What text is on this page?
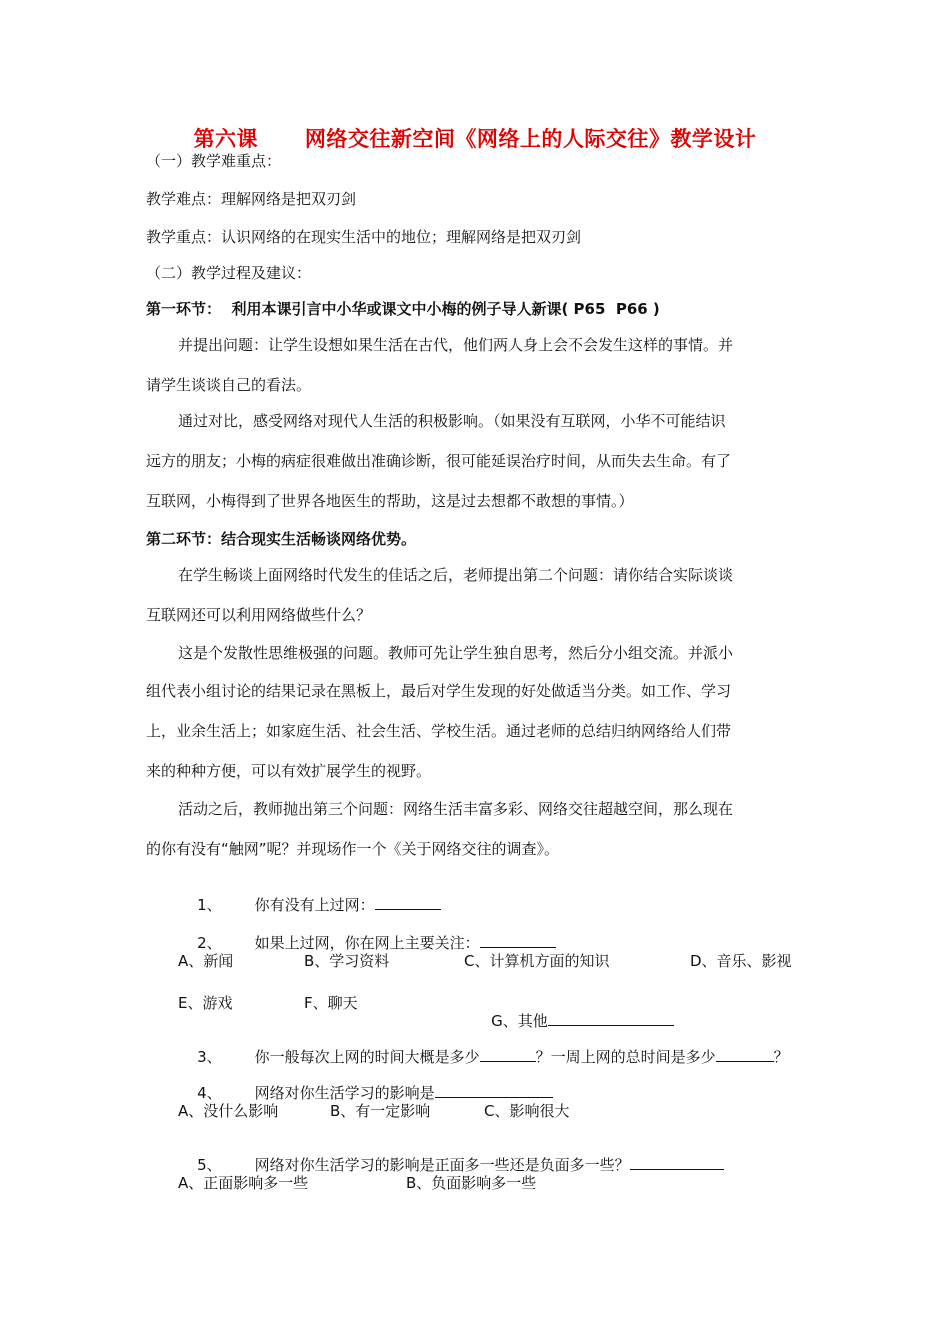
第六课      网络交往新空间《网络上的人际交往》教学设计
（一）教学难重点：
教学难点：理解网络是把双刃剑
教学重点：认识网络的在现实生活中的地位；理解网络是把双刃剑
（二）教学过程及建议：
第一环节：  利用本课引言中小华或课文中小梅的例子导人新课( P65  P66 )
并提出问题：让学生设想如果生活在古代，他们两人身上会不会发生这样的事情。并
请学生谈谈自己的看法。
通过对比，感受网络对现代人生活的积极影响。（如果没有互联网，小华不可能结识
远方的朋友；小梅的病症很难做出准确诊断，很可能延误治疗时间，从而失去生命。有了
互联网，小梅得到了世界各地医生的帮助，这是过去想都不敢想的事情。）
第二环节：结合现实生活畅谈网络优势。
在学生畅谈上面网络时代发生的佳话之后，老师提出第二个问题：请你结合实际谈谈
互联网还可以利用网络做些什么？
这是个发散性思维极强的问题。教师可先让学生独自思考，然后分小组交流。并派小
组代表小组讨论的结果记录在黑板上，最后对学生发现的好处做适当分类。如工作、学习
上，业余生活上；如家庭生活、社会生活、学校生活。通过老师的总结归纳网络给人们带
来的种种方便，可以有效扩展学生的视野。
活动之后，教师抛出第三个问题：网络生活丰富多彩、网络交往超越空间，那么现在
的你有没有“触网”呢？并现场作一个《关于网络交往的调查》。

1、 你有没有上过网：

2、 如果上过网，你在网上主要关注：

A、新闻	B、学习资料	C、计算机方面的知识	D、音乐、影视
E、游戏	F、聊天

G、其他

3、 你一般每次上网的时间大概是多少	？一周上网的总时间是多少	？

4、 网络对你生活学习的影响是

A、没什么影响	B、有一定影响	C、影响很大

5、 网络对你生活学习的影响是正面多一些还是负面多一些？

A、正面影响多一些	B、负面影响多一些
